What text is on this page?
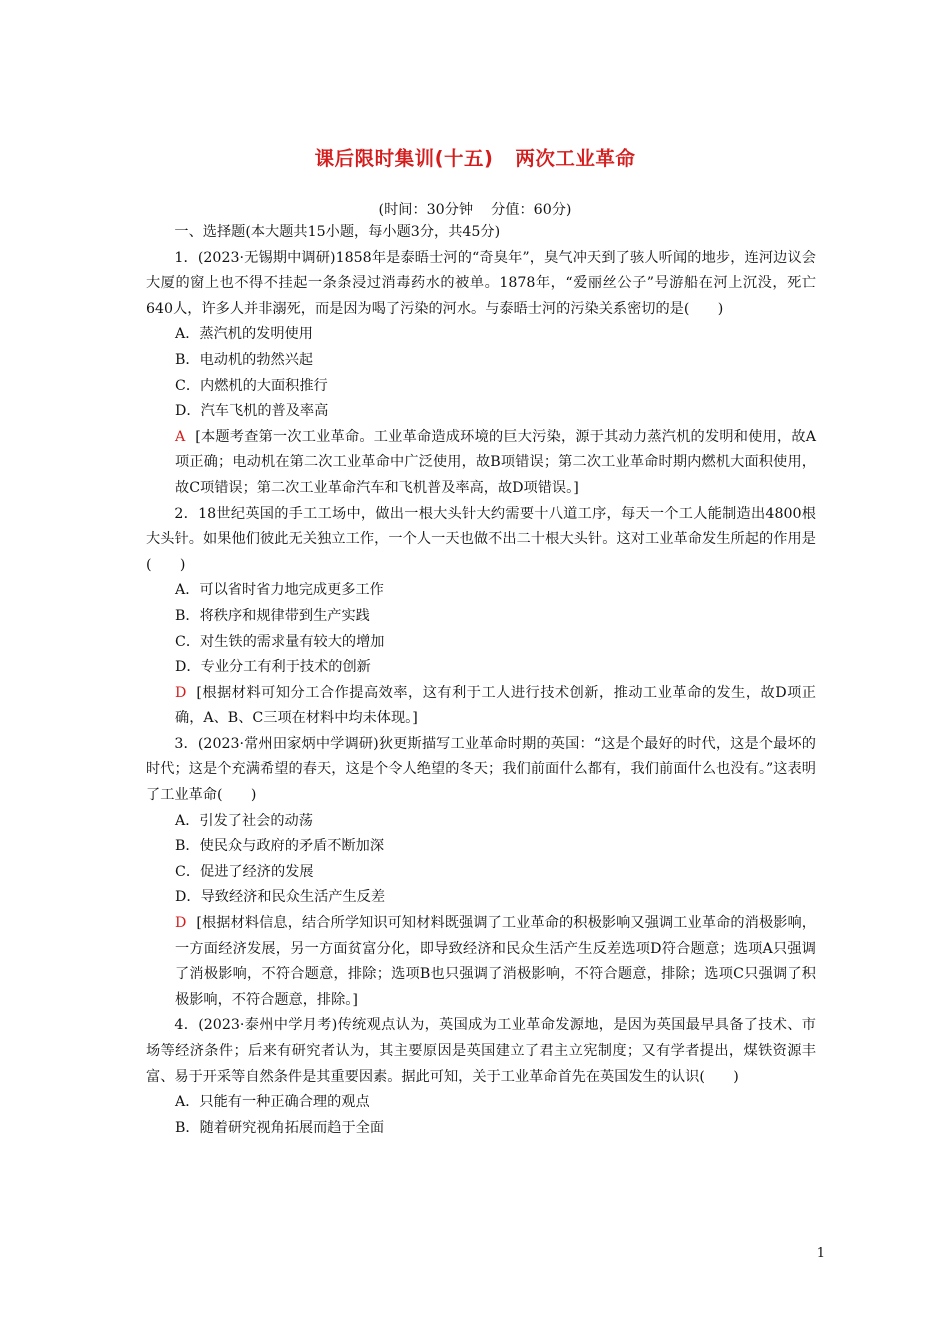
课后限时集训(十五)   两次工业革命
(时间：30分钟    分值：60分)

一、选择题(本大题共15小题，每小题3分，共45分)

1．(2023·无锡期中调研)1858年是泰晤士河的“奇臭年”，臭气冲天到了骇人听闻的地步，连河边议会大厦的窗上也不得不挂起一条条浸过消毒药水的被单。1878年，“爱丽丝公子”号游船在河上沉没，死亡640人，许多人并非溺死，而是因为喝了污染的河水。与泰晤士河的污染关系密切的是(　　)

A．蒸汽机的发明使用

B．电动机的勃然兴起

C．内燃机的大面积推行

D．汽车飞机的普及率高

A [本题考查第一次工业革命。工业革命造成环境的巨大污染，源于其动力蒸汽机的发明和使用，故A项正确；电动机在第二次工业革命中广泛使用，故B项错误；第二次工业革命时期内燃机大面积使用，故C项错误；第二次工业革命汽车和飞机普及率高，故D项错误。]

2．18世纪英国的手工工场中，做出一根大头针大约需要十八道工序，每天一个工人能制造出4800根大头针。如果他们彼此无关独立工作，一个人一天也做不出二十根大头针。这对工业革命发生所起的作用是(　　)

A．可以省时省力地完成更多工作

B．将秩序和规律带到生产实践

C．对生铁的需求量有较大的增加

D．专业分工有利于技术的创新

D [根据材料可知分工合作提高效率，这有利于工人进行技术创新，推动工业革命的发生，故D项正确，A、B、C三项在材料中均未体现。]

3．(2023·常州田家炳中学调研)狄更斯描写工业革命时期的英国：“这是个最好的时代，这是个最坏的时代；这是个充满希望的春天，这是个令人绝望的冬天；我们前面什么都有，我们前面什么也没有。”这表明了工业革命(　　)

A．引发了社会的动荡

B．使民众与政府的矛盾不断加深

C．促进了经济的发展

D．导致经济和民众生活产生反差

D [根据材料信息，结合所学知识可知材料既强调了工业革命的积极影响又强调工业革命的消极影响，一方面经济发展，另一方面贫富分化，即导致经济和民众生活产生反差选项D符合题意；选项A只强调了消极影响，不符合题意，排除；选项B也只强调了消极影响，不符合题意，排除；选项C只强调了积极影响，不符合题意，排除。]

4．(2023·泰州中学月考)传统观点认为，英国成为工业革命发源地，是因为英国最早具备了技术、市场等经济条件；后来有研究者认为，其主要原因是英国建立了君主立宪制度；又有学者提出，煤铁资源丰富、易于开采等自然条件是其重要因素。据此可知，关于工业革命首先在英国发生的认识(　　)

A．只能有一种正确合理的观点

B．随着研究视角拓展而趋于全面

1
